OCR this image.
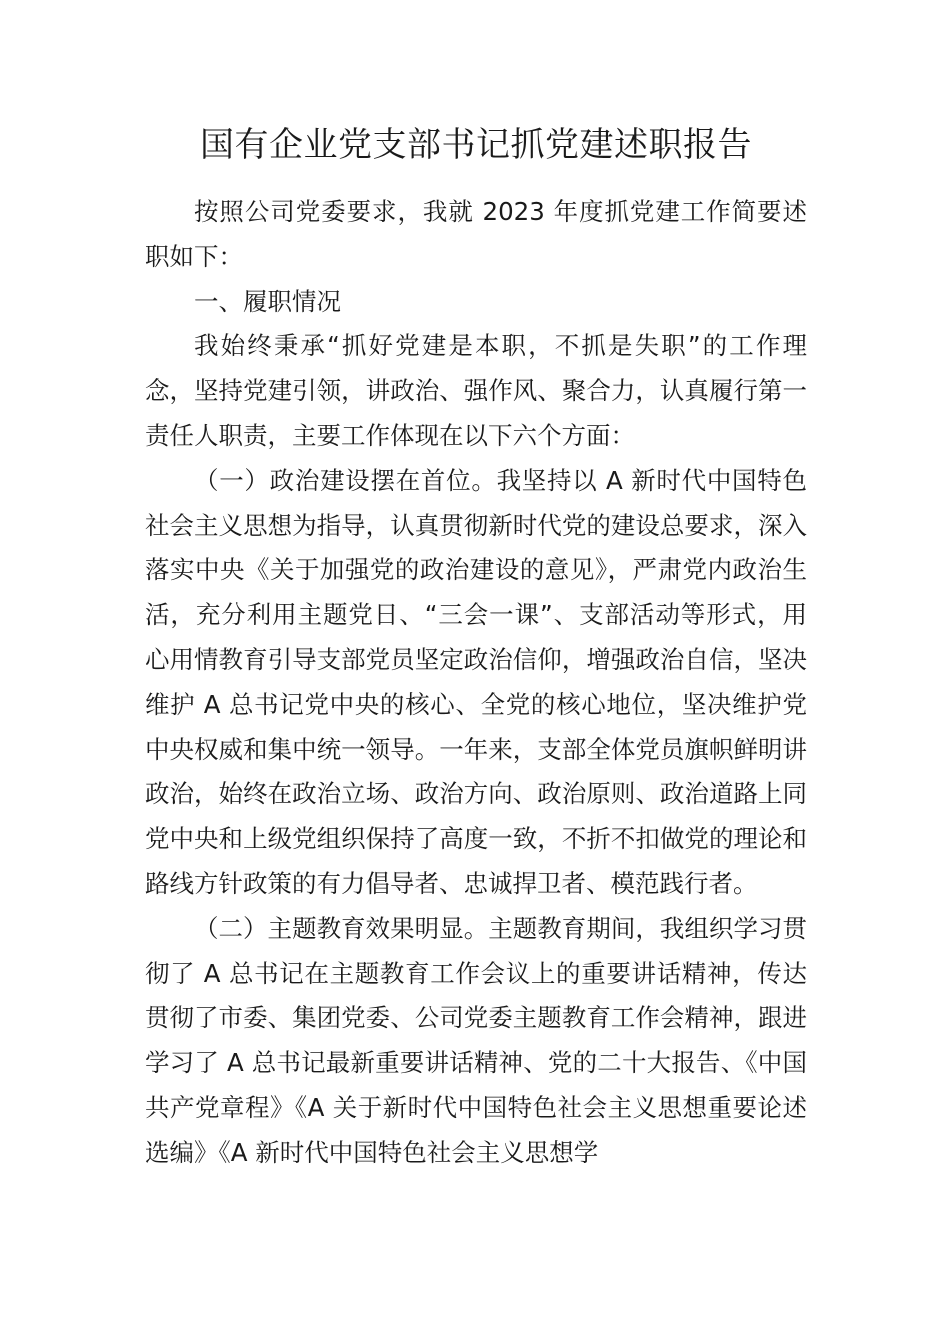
国有企业党支部书记抓党建述职报告

按照公司党委要求，我就 2023 年度抓党建工作简要述职如下：

一、履职情况

我始终秉承“抓好党建是本职，不抓是失职”的工作理念，坚持党建引领，讲政治、强作风、聚合力，认真履行第一责任人职责，主要工作体现在以下六个方面：

（一）政治建设摆在首位。我坚持以 A 新时代中国特色社会主义思想为指导，认真贯彻新时代党的建设总要求，深入落实中央《关于加强党的政治建设的意见》，严肃党内政治生活，充分利用主题党日、“三会一课”、支部活动等形式，用心用情教育引导支部党员坚定政治信仰，增强政治自信，坚决维护 A 总书记党中央的核心、全党的核心地位，坚决维护党中央权威和集中统一领导。一年来，支部全体党员旗帜鲜明讲政治，始终在政治立场、政治方向、政治原则、政治道路上同党中央和上级党组织保持了高度一致，不折不扣做党的理论和路线方针政策的有力倡导者、忠诚捍卫者、模范践行者。

（二）主题教育效果明显。主题教育期间，我组织学习贯彻了 A 总书记在主题教育工作会议上的重要讲话精神，传达贯彻了市委、集团党委、公司党委主题教育工作会精神，跟进学习了 A 总书记最新重要讲话精神、党的二十大报告、《中国共产党章程》《A 关于新时代中国特色社会主义思想重要论述选编》《A 新时代中国特色社会主义思想学
